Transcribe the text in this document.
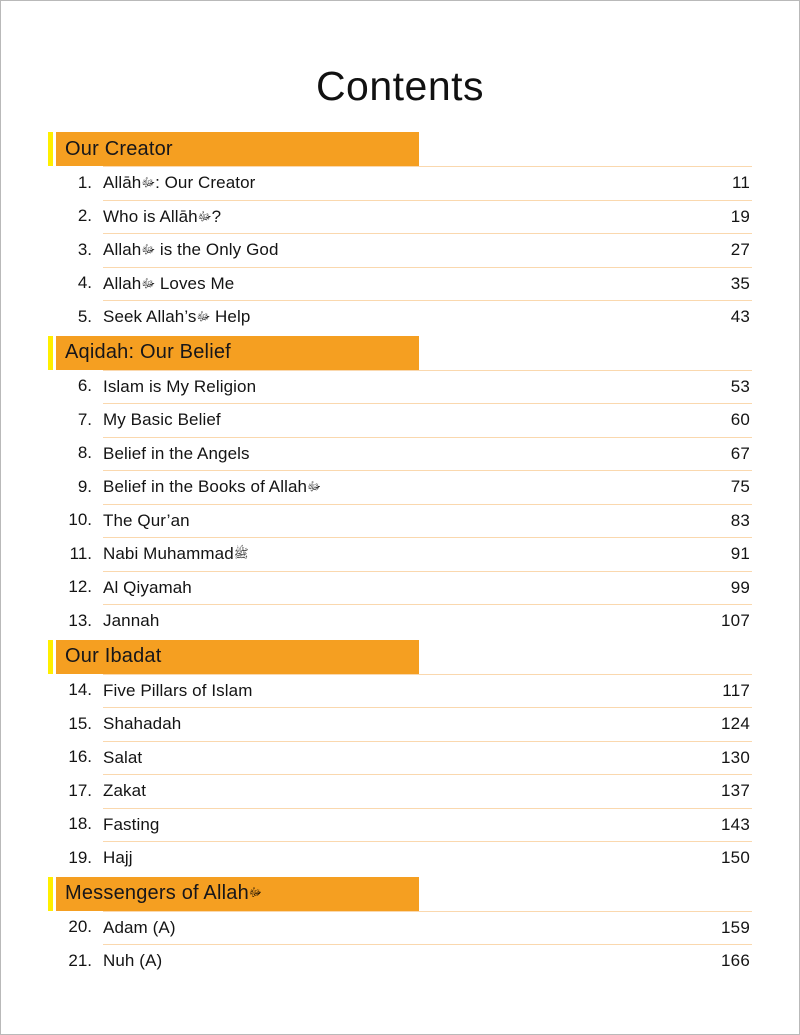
Contents
Our Creator
1. Allāhﷻ: Our Creator	11
2. Who is Allāhﷻ?	19
3. Allahﷻ is the Only God	27
4. Allahﷻ Loves Me	35
5. Seek Allah’sﷻ Help	43
Aqidah: Our Belief
6. Islam is My Religion	53
7. My Basic Belief	60
8. Belief in the Angels	67
9. Belief in the Books of Allahﷻ	75
10. The Qur’an	83
11. Nabi Muhammadﷺ	91
12. Al Qiyamah	99
13. Jannah	107
Our Ibadat
14. Five Pillars of Islam	117
15. Shahadah	124
16. Salat	130
17. Zakat	137
18. Fasting	143
19. Hajj	150
Messengers of Allah ﷻ
20. Adam (A)	159
21. Nuh (A)	166
